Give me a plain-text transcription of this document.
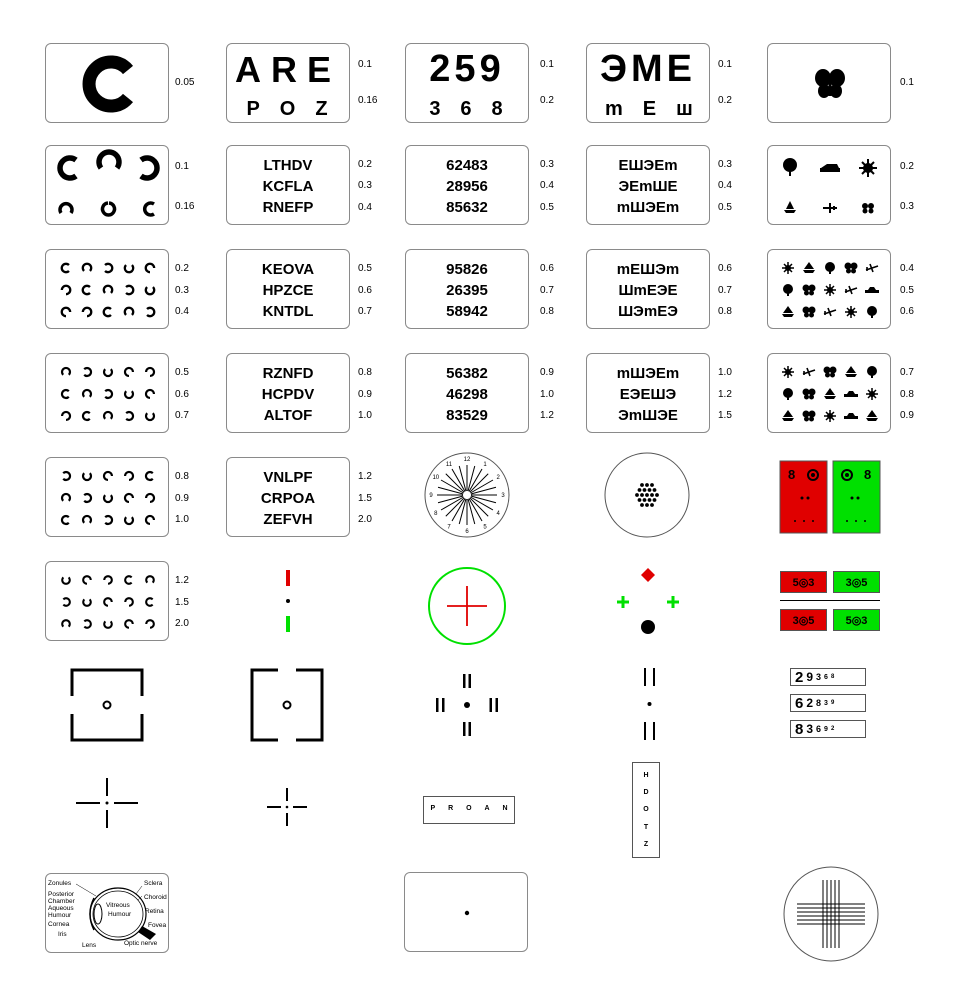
0.05 ARE
POZ
0.1
0.16
259
368
0.1
0.2
ЭME
mEш
0.1
0.2
0.1
0.1
0.16
LTHDV
KCFLA
RNEFP
0.2
0.3
0.4
62483
28956
85632
0.3
0.4
0.5
EШЭEm
ЭEmШE
mШЭEm
0.3
0.4
0.5
0.2
0.3
0.2
0.3
0.4
KEOVA
HPZCE
KNTDL
0.5
0.6
0.7
95826
26395
58942
0.6
0.7
0.8
mEШЭm
ШmEЭE
ШЭmEЭ
0.6
0.7
0.8
0.4
0.5
0.6
0.5
0.6
0.7
RZNFD
HCPDV
ALTOF
0.8
0.9
1.0
56382
46298
83529
0.9
1.0
1.2
mШЭEm
EЭEШЭ
ЭmШЭE
1.0
1.2
1.5
0.7
0.8
0.9
0.8
0.9
1.0
VNLPF
CRPOA
ZEFVH
1.2
1.5
2.0
12
1
2
3
4
5
6
7
8
9
10
11
8	8
1.2
1.5
2.0
5◎3	3◎5
3◎5	5◎3
2 9 3 6 8
6 2 8 3 9
8 3 6 9 2
P R O A N
H
D
O
T
Z
Zonules
Posterior
Chamber
Aqueous
Humour
Cornea
Iris
Sclera
Choroid
Vitreous
Humour Retina
Fovea
Lens	Optic nerve
